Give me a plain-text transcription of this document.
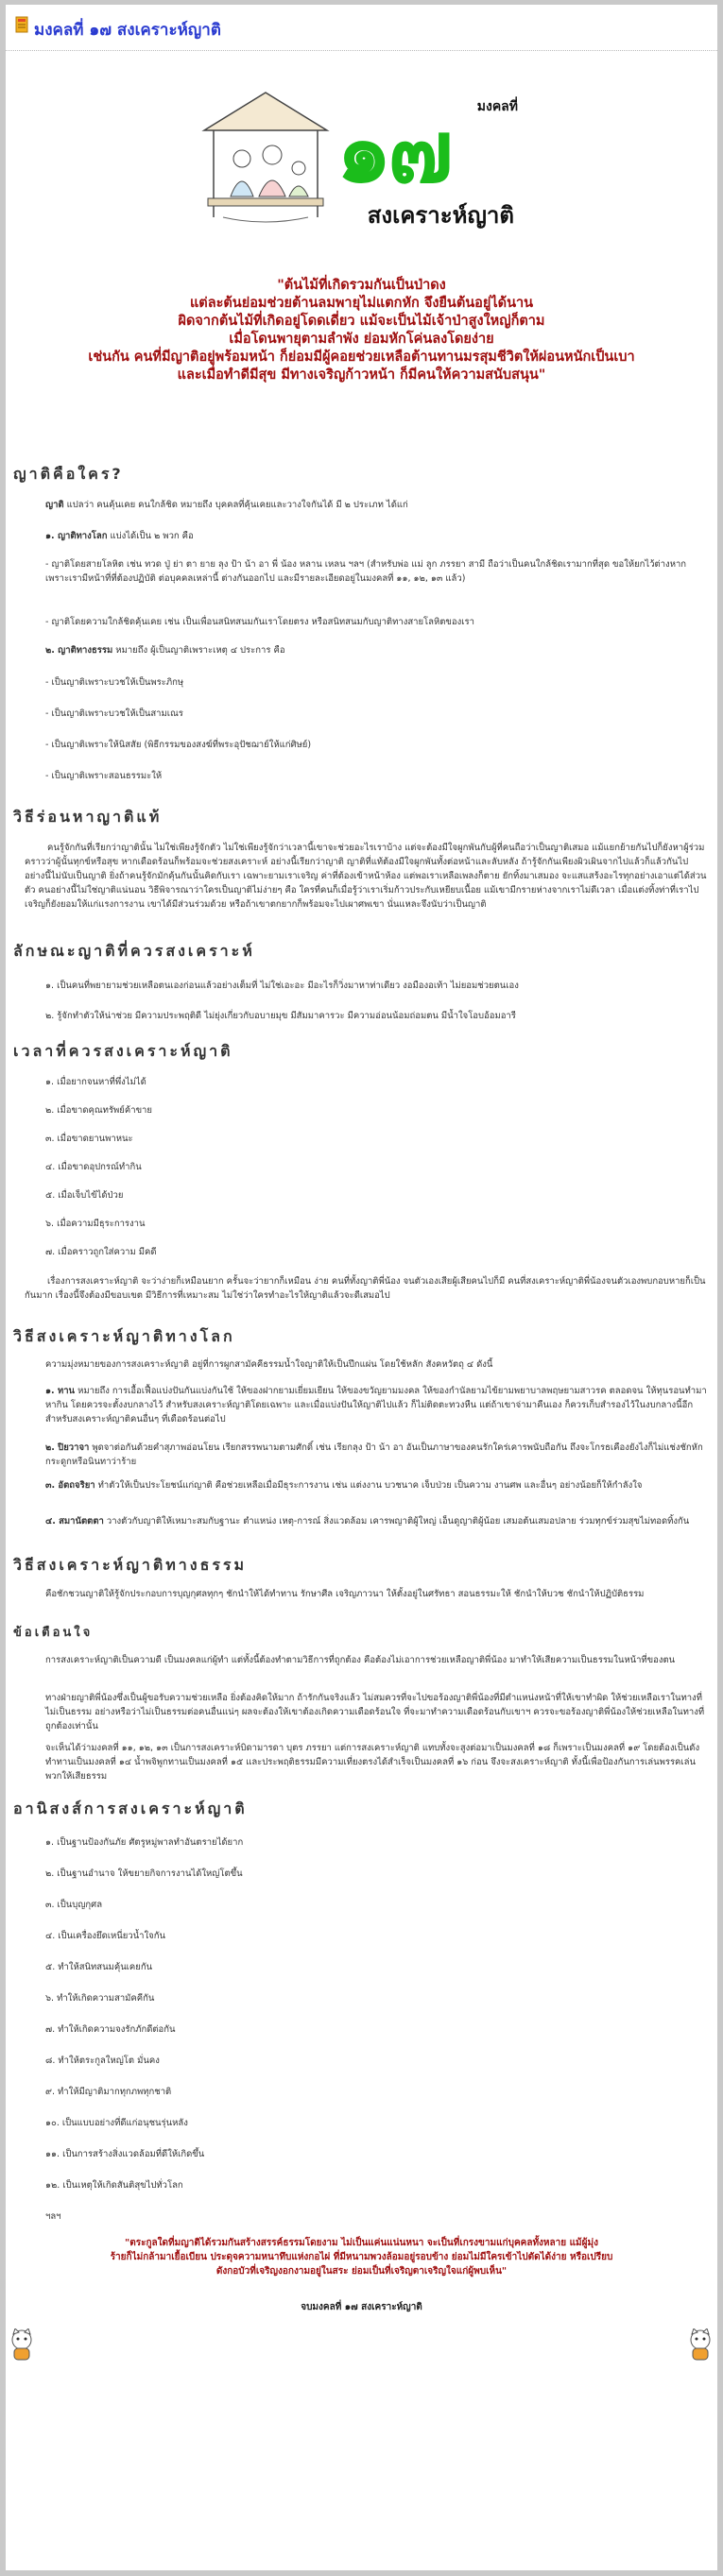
มงคลที่ ๑๗ สงเคราะห์ญาติ
มงคลที่
๑๗
สงเคราะห์ญาติ
"ต้นไม้ที่เกิดรวมกันเป็นป่าดง
แต่ละต้นย่อมช่วยต้านลมพายุไม่แตกหัก จึงยืนต้นอยู่ได้นาน
ผิดจากต้นไม้ที่เกิดอยู่โดดเดี่ยว แม้จะเป็นไม้เจ้าป่าสูงใหญ่ก็ตาม
เมื่อโดนพายุตามลำพัง ย่อมหักโค่นลงโดยง่าย
เช่นกัน คนที่มีญาติอยู่พร้อมหน้า ก็ย่อมมีผู้คอยช่วยเหลือต้านทานมรสุมชีวิตให้ผ่อนหนักเป็นเบา
และเมื่อทำดีมีสุข มีทางเจริญก้าวหน้า ก็มีคนให้ความสนับสนุน"
ญาติคือใคร?
ญาติ แปลว่า คนคุ้นเคย คนใกล้ชิด หมายถึง บุคคลที่คุ้นเคยและวางใจกันได้ มี ๒ ประเภท ได้แก่
๑. ญาติทางโลก แบ่งได้เป็น ๒ พวก คือ
- ญาติโดยสายโลหิต เช่น ทวด ปู่ ย่า ตา ยาย ลุง ป้า น้า อา พี่ น้อง หลาน เหลน ฯลฯ (สำหรับพ่อ แม่ ลูก ภรรยา สามี ถือว่าเป็นคนใกล้ชิดเรามากที่สุด ขอให้ยกไว้ต่างหาก เพราะเรามีหน้าที่ที่ต้องปฏิบัติ ต่อบุคคลเหล่านี้ ต่างกันออกไป และมีรายละเอียดอยู่ในมงคลที่ ๑๑, ๑๒, ๑๓ แล้ว)
- ญาติโดยความใกล้ชิดคุ้นเคย เช่น เป็นเพื่อนสนิทสนมกันเราโดยตรง หรือสนิทสนมกับญาติทางสายโลหิตของเรา
๒. ญาติทางธรรม หมายถึง ผู้เป็นญาติเพราะเหตุ ๔ ประการ คือ
- เป็นญาติเพราะบวชให้เป็นพระภิกษุ
- เป็นญาติเพราะบวชให้เป็นสามเณร
- เป็นญาติเพราะให้นิสสัย (พิธีกรรมของสงฆ์ที่พระอุปัชฌาย์ให้แก่ศิษย์)
- เป็นญาติเพราะสอนธรรมะให้
วิธีร่อนหาญาติแท้
คนรู้จักกันที่เรียกว่าญาตินั้น ไม่ใช่เพียงรู้จักตัว ไม่ใช่เพียงรู้จักว่าเวลานี้เขาจะช่วยอะไรเราบ้าง แต่จะต้องมีใจผูกพันกับผู้ที่คนถือว่าเป็นญาติเสมอ แม้แยกย้ายกันไปก็ยังหาผู้ร่วมคราวว่าผู้นั้นทุกข์หรือสุข หากเดือดร้อนก็พร้อมจะช่วยสงเคราะห์ อย่างนี้เรียกว่าญาติ ญาติที่แท้ต้องมีใจผูกพันทั้งต่อหน้าและลับหลัง ถ้ารู้จักกันเพียงผิวเผินจากไปแล้วก็แล้วกันไป อย่างนี้ไม่นับเป็นญาติ ยิ่งถ้าคนรู้จักมักคุ้นกันนั้นคิดกับเรา เฉพาะยามเราเจริญ ค่าที่ต้องเข้าหน้าห้อง แต่พอเราเหลือเพลงก็ตาย ยักทิ้งมาเสมอง จะแสแสร้งอะไรทุกอย่างเอาแต่ได้ส่วนตัว คนอย่างนี้ไม่ใช่ญาติแน่นอน วิธีพิจารณาว่าใครเป็นญาติไม่ง่ายๆ คือ ใครที่คนก็เมื่อรู้ว่าเราเริ่มก้าวประกับเหยียบเนื้อย แม้เขามีกรายห่างจากเราไม่ดีเวลา เมื่อแต่งทิ้งท่าที่เราไปเจริญก็ยังยอมให้แก่แรงการงาน เขาได้มีส่วนร่วมด้วย หรือถ้าเขาตกยากก็พร้อมจะไปเผาศพเขา นั่นแหละจึงนับว่าเป็นญาติ
ลักษณะญาติที่ควรสงเคราะห์
๑. เป็นคนที่พยายามช่วยเหลือตนเองก่อนแล้วอย่างเต็มที่ ไม่ใช่เอะอะ มีอะไรก็วิ่งมาหาท่าเดียว งอมืองอเท้า ไม่ยอมช่วยตนเอง
๒. รู้จักทำตัวให้น่าช่วย มีความประพฤติดี ไม่ยุ่งเกี่ยวกับอบายมุข มีสัมมาคารวะ มีความอ่อนน้อมถ่อมตน มีน้ำใจโอบอ้อมอารี
เวลาที่ควรสงเคราะห์ญาติ
๑. เมื่อยากจนหาที่พึ่งไม่ได้
๒. เมื่อขาดคุณทรัพย์ค้าขาย
๓. เมื่อขาดยานพาหนะ
๔. เมื่อขาดอุปกรณ์ทำกิน
๕. เมื่อเจ็บไข้ได้ป่วย
๖. เมื่อความมีธุระการงาน
๗. เมื่อคราวถูกใส่ความ มีคดี
เรื่องการสงเคราะห์ญาติ จะว่าง่ายก็เหมือนยาก ครั้นจะว่ายากก็เหมือน ง่าย คนที่ทั้งญาติพี่น้อง จนตัวเองเสียผู้เสียคนไปก็มี คนที่สงเคราะห์ญาติพี่น้องจนตัวเองพบกอบหายก็เป็นกันมาก เรื่องนี้จึงต้องมีขอบเขต มีวิธีการที่เหมาะสม ไม่ใช่ว่าใครทำอะไรให้ญาติแล้วจะดีเสมอไป
วิธีสงเคราะห์ญาติทางโลก
ความมุ่งหมายของการสงเคราะห์ญาติ อยู่ที่การผูกสามัคคีธรรมน้ำใจญาติให้เป็นปึกแผ่น โดยใช้หลัก สังคหวัตถุ ๔ ดังนี้
๑. ทาน หมายถึง การเอื้อเฟื้อแบ่งปันกันแบ่งกันใช้ ให้ของฝากยามเยี่ยมเยียน ให้ของขวัญยามมงคล ให้ของกำนัลยามไข้ยามพยาบาลพฤษยามสาวรค ตลอดจน ให้ทุนรอนทำมาหากิน โดยควรจะตั้งงบกลางไว้ สำหรับสงเคราะห์ญาติโดยเฉพาะ และเมื่อแบ่งปันให้ญาติไปแล้ว ก็ไม่ติดตะทวงหืน แต่ถ้าเขาจ่ามาคืนเอง ก็ควรเก็บสำรองไว้ในงบกลางนี้อีก สำหรับสงเคราะห์ญาติคนอื่นๆ ที่เดือดร้อนต่อไป
๒. ปิยวาจา พูดจาต่อกันด้วยคำสุภาพอ่อนโยน เรียกสรรพนามตามศักดิ์ เช่น เรียกลุง ป้า น้า อา อันเป็นภาษาของคนรักใคร่เคารพนับถือกัน ถึงจะโกรธเคืองยังไงก็ไม่แช่งชักหักกระดูกหรือนินทาว่าร้าย
๓. อัตถจริยา ทำตัวให้เป็นประโยชน์แก่ญาติ คือช่วยเหลือเมื่อมีธุระการงาน เช่น แต่งงาน บวชนาค เจ็บป่วย เป็นความ งานศพ และอื่นๆ อย่างน้อยก็ให้กำลังใจ
๔. สมานัตตตา วางตัวกับญาติให้เหมาะสมกับฐานะ ตำแหน่ง เหตุ-การณ์ สิ่งแวดล้อม เคารพญาติผู้ใหญ่ เอ็นดูญาติผู้น้อย เสมอต้นเสมอปลาย ร่วมทุกข์ร่วมสุขไม่ทอดทิ้งกัน
วิธีสงเคราะห์ญาติทางธรรม
คือชักชวนญาติให้รู้จักประกอบการบุญกุศลทุกๆ ชักนำให้ได้ทำทาน รักษาศีล เจริญภาวนา ให้ตั้งอยู่ในศรัทธา สอนธรรมะให้ ชักนำให้บวช ชักนำให้ปฏิบัติธรรม
ข้อเตือนใจ
การสงเคราะห์ญาติเป็นความดี เป็นมงคลแก่ผู้ทำ แต่ทั้งนี้ต้องทำตามวิธีการที่ถูกต้อง คือต้องไม่เอาการช่วยเหลือญาติพี่น้อง มาทำให้เสียความเป็นธรรมในหน้าที่ของตน
ทางฝ่ายญาติพี่น้องซึ่งเป็นผู้ขอรับความช่วยเหลือ ยิ่งต้องคิดให้มาก ถ้ารักกันจริงแล้ว ไม่สมควรที่จะไปขอร้องญาติพี่น้องที่มีตำแหน่งหน้าที่ให้เขาทำผิด ให้ช่วยเหลือเราในทางที่ไม่เป็นธรรม อย่างหรือว่าไม่เป็นธรรมต่อคนอื่นแน่ๆ ผลจะต้องให้เขาต้องเกิดความเดือดร้อนใจ ที่จะมาทำความเดือดร้อนกับเขาฯ ควรจะขอร้องญาติพี่น้องให้ช่วยเหลือในทางที่ถูกต้องเท่านั้น
จะเห็นได้ว่ามงคลที่ ๑๑, ๑๒, ๑๓ เป็นการสงเคราะห์บิดามารดา บุตร ภรรยา แต่การสงเคราะห์ญาติ แทบทั้งจะสูงต่อมาเป็นมงคลที่ ๑๘ ก็เพราะเป็นมงคลที่ ๑๙ โดยต้องเป็นดังทำทานเป็นมงคลที่ ๑๔ น้ำพจิพูกทานเป็นมงคลที่ ๑๕ และประพฤติธรรมมีความเที่ยงตรงได้สำเร็จเป็นมงคลที่ ๑๖ ก่อน จึงจะสงเคราะห์ญาติ ทั้งนี้เพื่อป้องกันการเล่นพรรคเล่นพวกให้เสียธรรม
อานิสงส์การสงเคราะห์ญาติ
๑. เป็นฐานป้องกันภัย ศัตรูหมู่พาลทำอันตรายได้ยาก
๒. เป็นฐานอำนาจ ให้ขยายกิจการงานได้ใหญ่โตขึ้น
๓. เป็นบุญกุศล
๔. เป็นเครื่องยึดเหนี่ยวน้ำใจกัน
๕. ทำให้สนิทสนมคุ้นเคยกัน
๖. ทำให้เกิดความสามัคคีกัน
๗. ทำให้เกิดความจงรักภักดีต่อกัน
๘. ทำให้ตระกูลใหญ่โต มั่นคง
๙. ทำให้มีญาติมากทุกภพทุกชาติ
๑๐. เป็นแบบอย่างที่ดีแก่อนุชนรุ่นหลัง
๑๑. เป็นการสร้างสิ่งแวดล้อมที่ดีให้เกิดขึ้น
๑๒. เป็นเหตุให้เกิดสันติสุขไปทั่วโลก
ฯลฯ
"ตระกูลใดที่มญาติได้รวมกันสร้างสรรค์ธรรมโดยงาม ไม่เป็นแค่นแน่นหนา จะเป็นที่เกรงขามแก่บุคคลทั้งหลาย แม้ผู้มุ่ง
ร้ายก็ไม่กล้ามาเยื้อเบียน ประดุจความหนาทึบแห่งกอไผ่ ที่มีหนามพวงล้อมอยู่รอบข้าง ย่อมไม่มีใครเข้าไปตัดได้ง่าย หรือเปรียบ
ดังกอบัวที่เจริญงอกงามอยู่ในสระ ย่อมเป็นที่เจริญตาเจริญใจแก่ผู้พบเห็น"
จบมงคลที่ ๑๗ สงเคราะห์ญาติ
